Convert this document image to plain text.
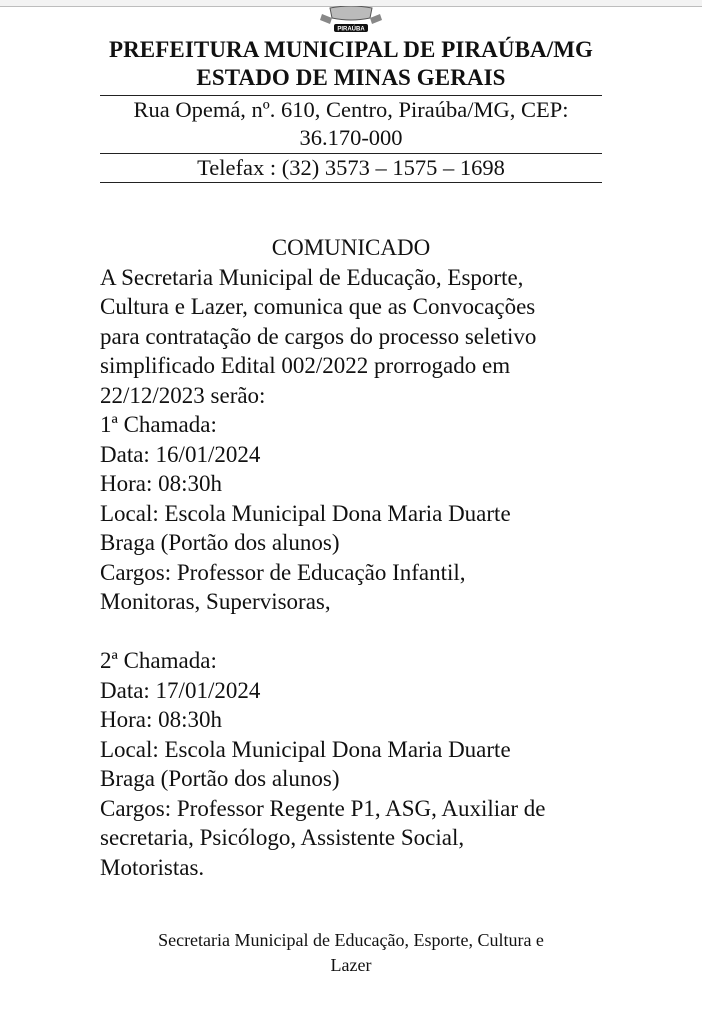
PIRAÚBA
PREFEITURA MUNICIPAL DE PIRAÚBA/MG
ESTADO DE MINAS GERAIS
Rua Opemá, nº. 610, Centro, Piraúba/MG, CEP:
36.170-000
Telefax : (32) 3573 – 1575 – 1698
COMUNICADO
A Secretaria Municipal de Educação, Esporte,
Cultura e Lazer, comunica que as Convocações
para contratação de cargos do processo seletivo
simplificado Edital 002/2022 prorrogado em
22/12/2023 serão:
1ª Chamada:
Data: 16/01/2024
Hora: 08:30h
Local: Escola Municipal Dona Maria Duarte
Braga (Portão dos alunos)
Cargos: Professor de Educação Infantil,
Monitoras, Supervisoras,
2ª Chamada:
Data: 17/01/2024
Hora: 08:30h
Local: Escola Municipal Dona Maria Duarte
Braga (Portão dos alunos)
Cargos: Professor Regente P1, ASG, Auxiliar de
secretaria, Psicólogo, Assistente Social,
Motoristas.
Secretaria Municipal de Educação, Esporte, Cultura e
Lazer
